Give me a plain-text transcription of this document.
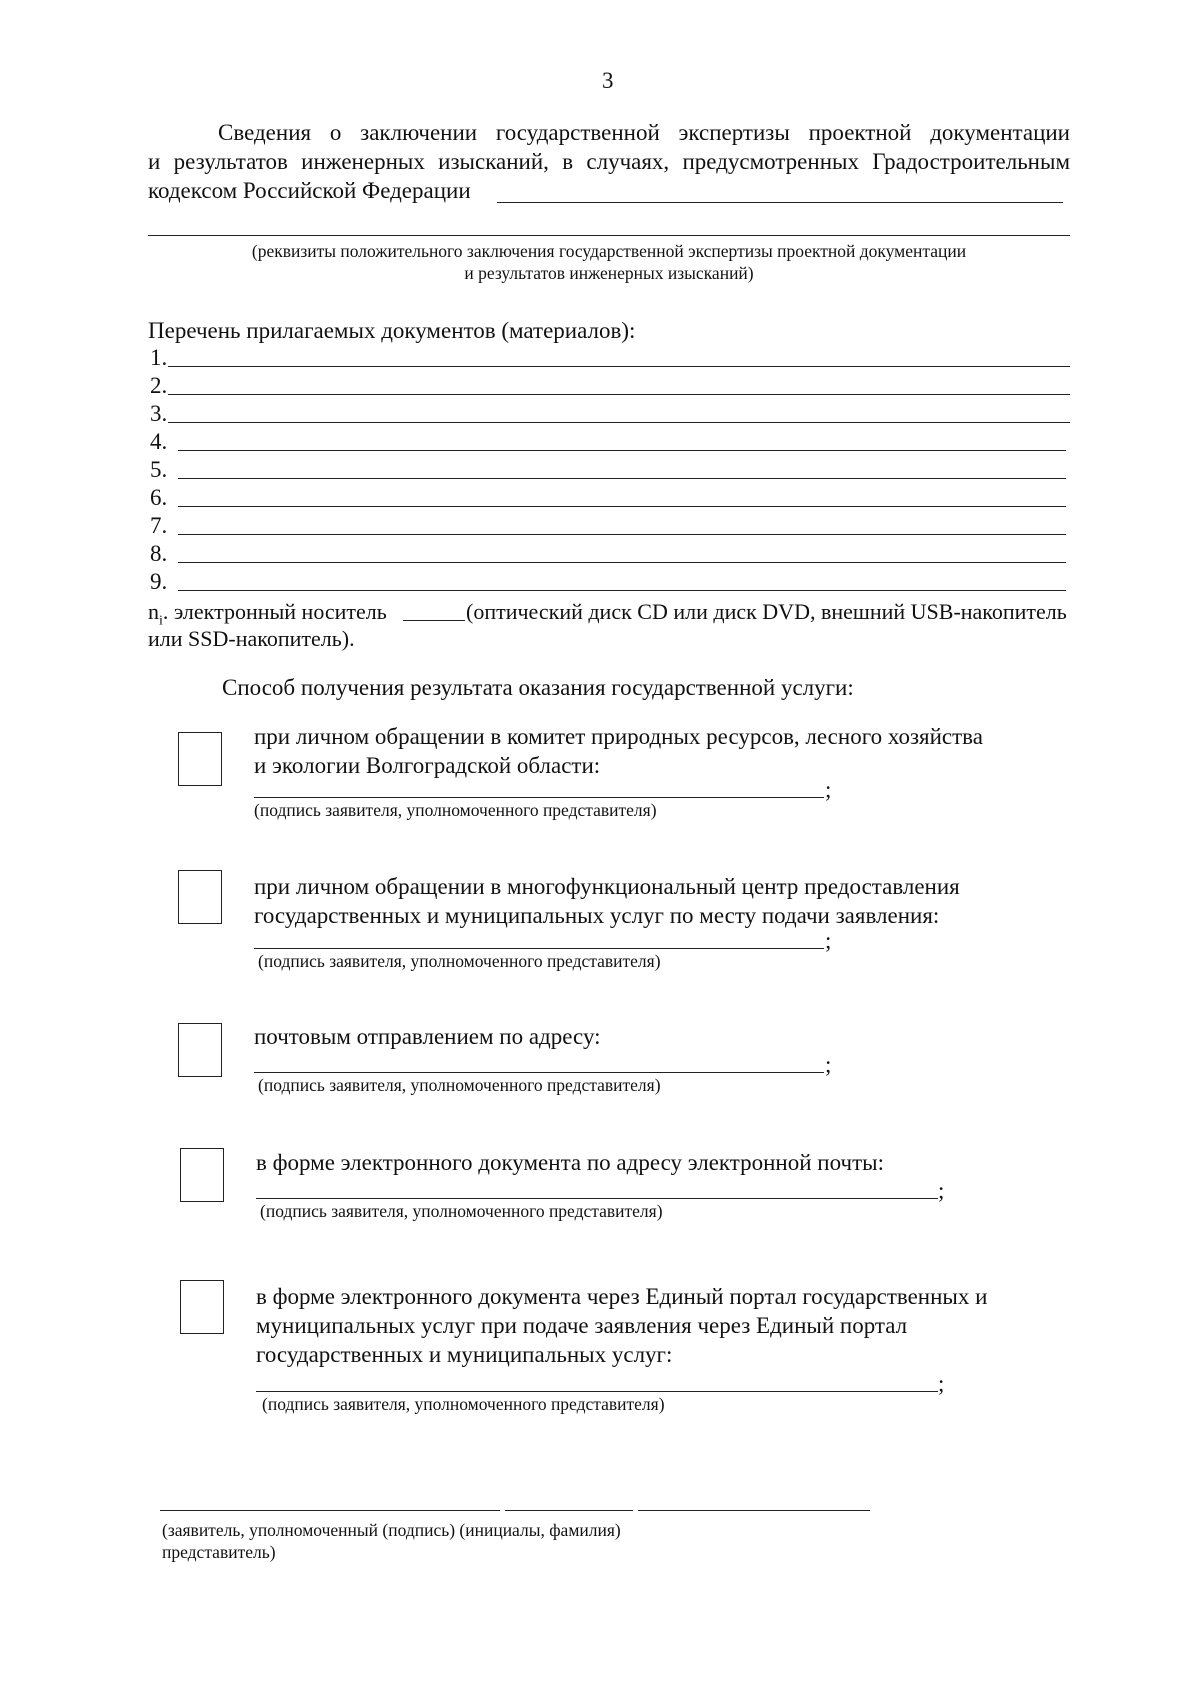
3
Сведения о заключении государственной экспертизы проектной документации
и результатов инженерных изысканий, в случаях, предусмотренных Градостроительным
кодексом Российской Федерации
(реквизиты положительного заключения государственной экспертизы проектной документации
и результатов инженерных изысканий)
Перечень прилагаемых документов (материалов):
1.
2.
3.
4.
5.
6.
7.
8.
9.
$n_i$. электронный носитель	(оптический диск CD или диск DVD, внешний USB-накопитель
или SSD-накопитель).
Способ получения результата оказания государственной услуги:
при личном обращении в комитет природных ресурсов, лесного хозяйства
и экологии Волгоградской области:
;
(подпись заявителя, уполномоченного представителя)
при личном обращении в многофункциональный центр предоставления
государственных и муниципальных услуг по месту подачи заявления:
;
(подпись заявителя, уполномоченного представителя)
почтовым отправлением по адресу:
;
(подпись заявителя, уполномоченного представителя)
в форме электронного документа по адресу электронной почты:
;
(подпись заявителя, уполномоченного представителя)
в форме электронного документа через Единый портал государственных и
муниципальных услуг при подаче заявления через Единый портал
государственных и муниципальных услуг:
;
(подпись заявителя, уполномоченного представителя)
(заявитель, уполномоченный (подпись) (инициалы, фамилия)
представитель)
